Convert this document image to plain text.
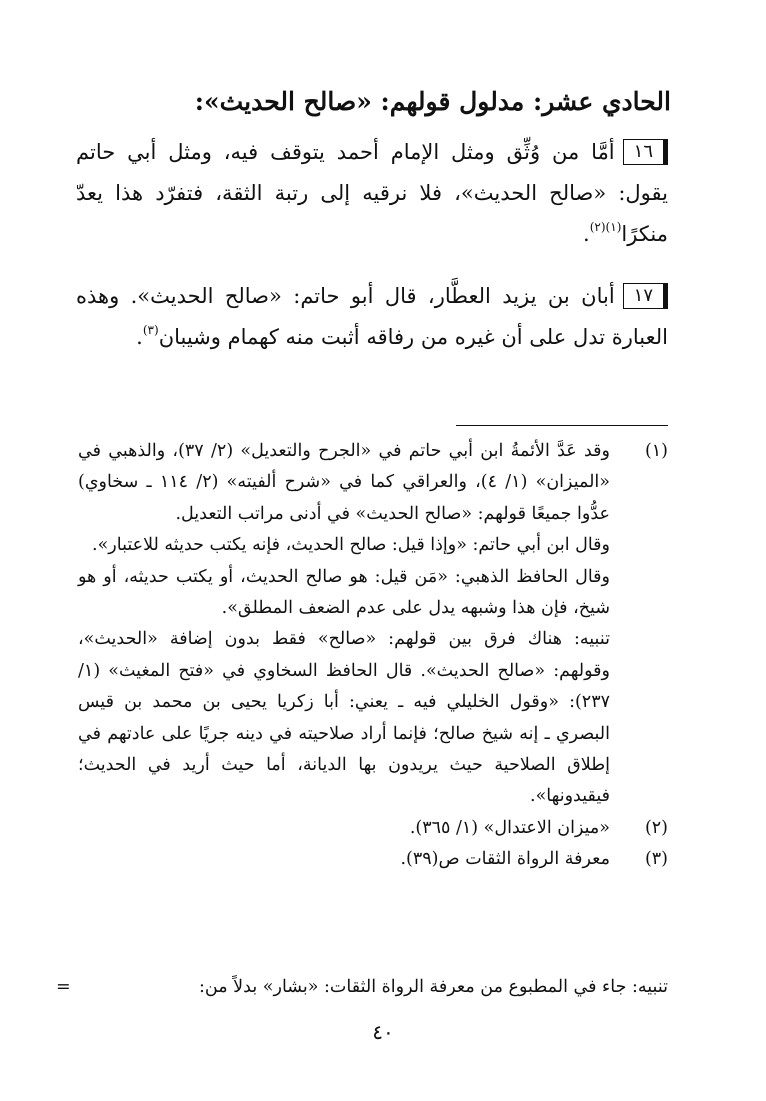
الحادي عشر: مدلول قولهم: «صالح الحديث»:
١٦أمَّا من وُثِّق ومثل الإمام أحمد يتوقف فيه، ومثل أبي حاتم يقول: «صالح الحديث»، فلا نرقيه إلى رتبة الثقة، فتفرّد هذا يعدّ منكرًا$^{(١)(٢)}$.
١٧أبان بن يزيد العطَّار، قال أبو حاتم: «صالح الحديث». وهذه العبارة تدل على أن غيره من رفاقه أثبت منه كهمام وشيبان$^{(٣)}$.
(١)

وقد عَدَّ الأئمةُ ابن أبي حاتم في «الجرح والتعديل» (٢/ ٣٧)، والذهبي في «الميزان» (١/ ٤)، والعراقي كما في «شرح ألفيته» (٢/ ١١٤ ـ سخاوي) عدُّوا جميعًا قولهم: «صالح الحديث» في أدنى مراتب التعديل.

وقال ابن أبي حاتم: «وإذا قيل: صالح الحديث، فإنه يكتب حديثه للاعتبار».

وقال الحافظ الذهبي: «مَن قيل: هو صالح الحديث، أو يكتب حديثه، أو هو شيخ، فإن هذا وشبهه يدل على عدم الضعف المطلق».

تنبيه: هناك فرق بين قولهم: «صالح» فقط بدون إضافة «الحديث»، وقولهم: «صالح الحديث». قال الحافظ السخاوي في «فتح المغيث» (١/ ٢٣٧): «وقول الخليلي فيه ـ يعني: أبا زكريا يحيى بن محمد بن قيس البصري ـ إنه شيخ صالح؛ فإنما أراد صلاحيته في دينه جريًا على عادتهم في إطلاق الصلاحية حيث يريدون بها الديانة، أما حيث أريد في الحديث؛ فيقيدونها».

(٢)

«ميزان الاعتدال» (١/ ٣٦٥).

(٣)

معرفة الرواة الثقات ص(٣٩).

تنبيه: جاء في المطبوع من معرفة الرواة الثقات: «بشار» بدلاً من:
=
٤٠
